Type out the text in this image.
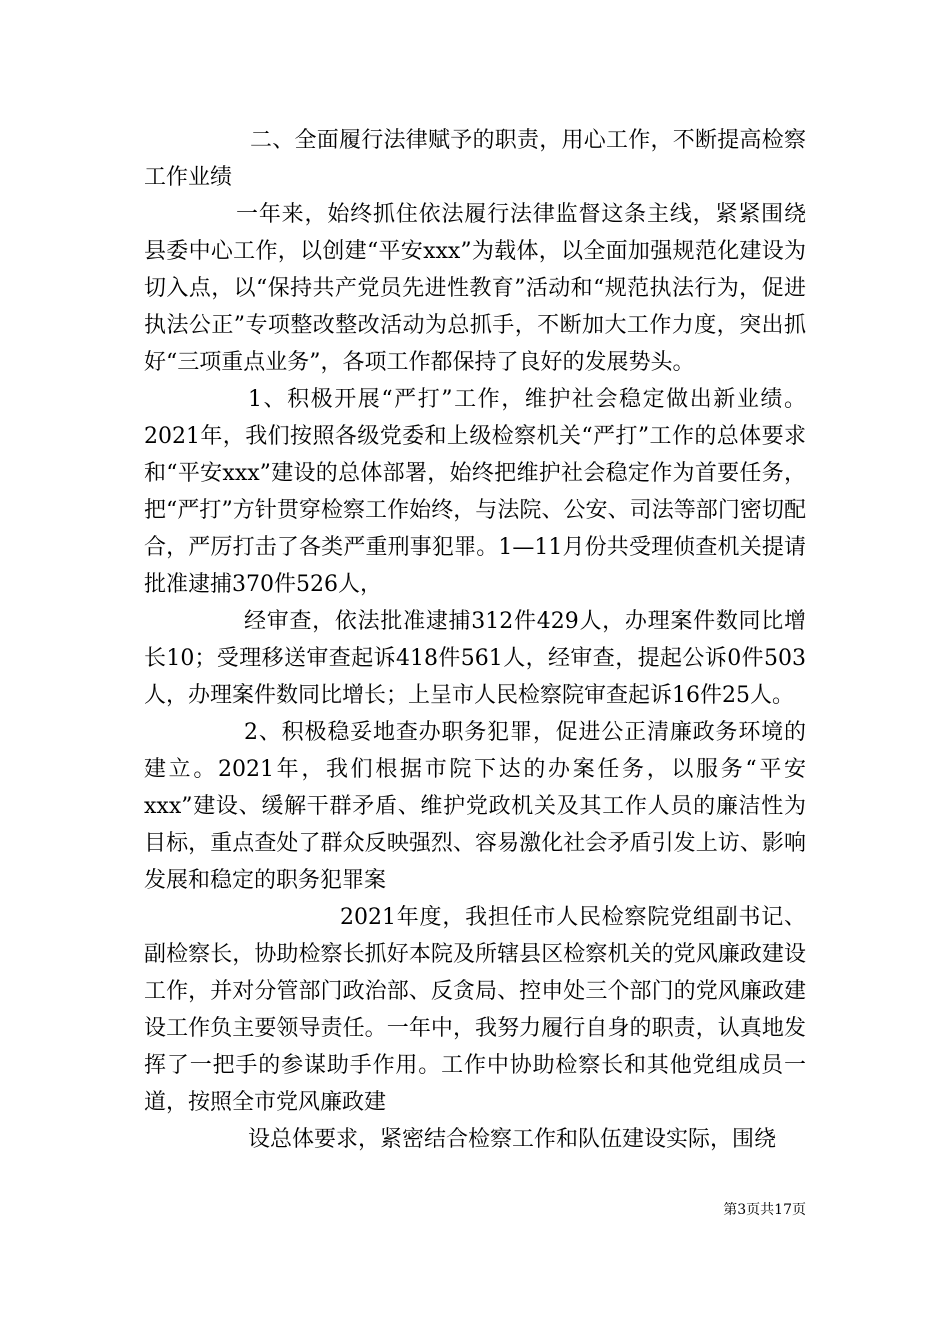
二、全面履行法律赋予的职责，用心工作，不断提高检察工作业绩

一年来，始终抓住依法履行法律监督这条主线，紧紧围绕县委中心工作，以创建“平安xxx”为载体，以全面加强规范化建设为切入点，以“保持共产党员先进性教育”活动和“规范执法行为，促进执法公正”专项整改整改活动为总抓手，不断加大工作力度，突出抓好“三项重点业务”，各项工作都保持了良好的发展势头。

1、积极开展“严打”工作，维护社会稳定做出新业绩。2021年，我们按照各级党委和上级检察机关“严打”工作的总体要求和“平安xxx”建设的总体部署，始终把维护社会稳定作为首要任务，把“严打”方针贯穿检察工作始终，与法院、公安、司法等部门密切配合，严厉打击了各类严重刑事犯罪。1—11月份共受理侦查机关提请批准逮捕370件526人，

经审查，依法批准逮捕312件429人，办理案件数同比增长10；受理移送审查起诉418件561人，经审查，提起公诉0件503人，办理案件数同比增长；上呈市人民检察院审查起诉16件25人。

2、积极稳妥地查办职务犯罪，促进公正清廉政务环境的建立。2021年，我们根据市院下达的办案任务，以服务“平安xxx”建设、缓解干群矛盾、维护党政机关及其工作人员的廉洁性为目标，重点查处了群众反映强烈、容易激化社会矛盾引发上访、影响发展和稳定的职务犯罪案

2021年度，我担任市人民检察院党组副书记、副检察长，协助检察长抓好本院及所辖县区检察机关的党风廉政建设工作，并对分管部门政治部、反贪局、控申处三个部门的党风廉政建设工作负主要领导责任。一年中，我努力履行自身的职责，认真地发挥了一把手的参谋助手作用。工作中协助检察长和其他党组成员一道，按照全市党风廉政建

设总体要求，紧密结合检察工作和队伍建设实际，围绕

第3页共17页
